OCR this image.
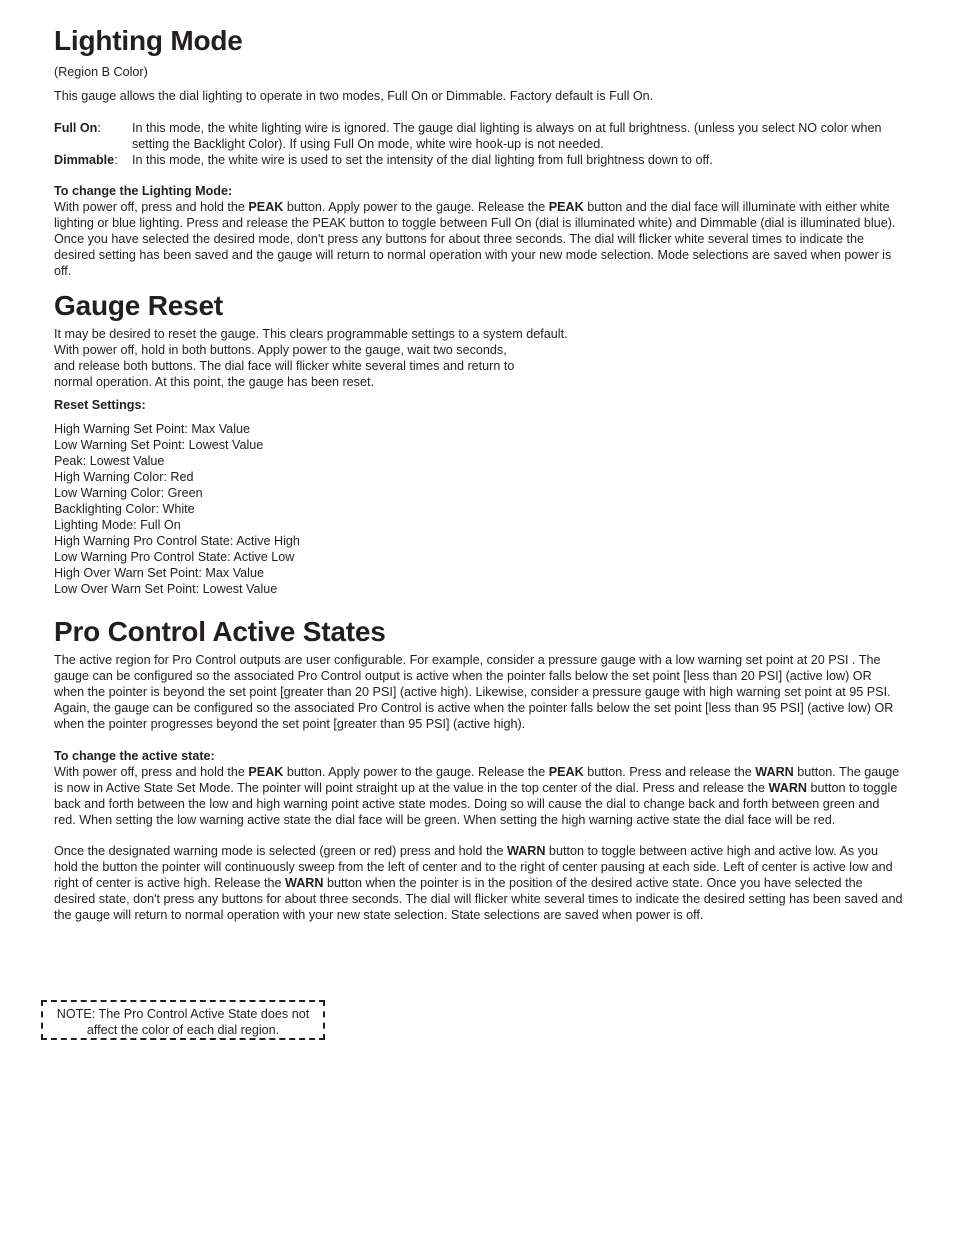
Lighting Mode

(Region B Color)

This gauge allows the dial lighting to operate in two modes, Full On or Dimmable. Factory default is Full On.

Full On:	In this mode, the white lighting wire is ignored. The gauge dial lighting is always on at full brightness. (unless you select NO color when setting the Backlight Color). If using Full On mode, white wire hook-up is not needed.
Dimmable:	In this mode, the white wire is used to set the intensity of the dial lighting from full brightness down to off.

To change the Lighting Mode:

With power off, press and hold the PEAK button. Apply power to the gauge. Release the PEAK button and the dial face will illuminate with either white lighting or blue lighting. Press and release the PEAK button to toggle between Full On (dial is illuminated white) and Dimmable (dial is illuminated blue). Once you have selected the desired mode, don't press any buttons for about three seconds. The dial will flicker white several times to indicate the desired setting has been saved and the gauge will return to normal operation with your new mode selection. Mode selections are saved when power is off.

Gauge Reset

It may be desired to reset the gauge. This clears programmable settings to a system default.
With power off, hold in both buttons. Apply power to the gauge, wait two seconds,
and release both buttons. The dial face will flicker white several times and return to
normal operation. At this point, the gauge has been reset.

Reset Settings:

High Warning Set Point: Max Value
Low Warning Set Point: Lowest Value
Peak: Lowest Value
High Warning Color: Red
Low Warning Color: Green
Backlighting Color: White
Lighting Mode: Full On
High Warning Pro Control State: Active High
Low Warning Pro Control State: Active Low
High Over Warn Set Point: Max Value
Low Over Warn Set Point: Lowest Value
Pro Control Active States

The active region for Pro Control outputs are user configurable. For example, consider a pressure gauge with a low warning set point at 20 PSI . The gauge can be configured so the associated Pro Control output is active when the pointer falls below the set point [less than 20 PSI] (active low) OR when the pointer is beyond the set point [greater than 20 PSI] (active high). Likewise, consider a pressure gauge with high warning set point at 95 PSI. Again, the gauge can be configured so the associated Pro Control is active when the pointer falls below the set point [less than 95 PSI] (active low) OR when the pointer progresses beyond the set point [greater than 95 PSI] (active high).

To change the active state:

With power off, press and hold the PEAK button. Apply power to the gauge. Release the PEAK button. Press and release the WARN button. The gauge is now in Active State Set Mode. The pointer will point straight up at the value in the top center of the dial. Press and release the WARN button to toggle back and forth between the low and high warning point active state modes. Doing so will cause the dial to change back and forth between green and red. When setting the low warning active state the dial face will be green. When setting the high warning active state the dial face will be red.

Once the designated warning mode is selected (green or red) press and hold the WARN button to toggle between active high and active low. As you hold the button the pointer will continuously sweep from the left of center and to the right of center pausing at each side. Left of center is active low and right of center is active high. Release the WARN button when the pointer is in the position of the desired active state. Once you have selected the desired state, don't press any buttons for about three seconds. The dial will flicker white several times to indicate the desired setting has been saved and the gauge will return to normal operation with your new state selection. State selections are saved when power is off.

NOTE: The Pro Control Active State does not
affect the color of each dial region.
